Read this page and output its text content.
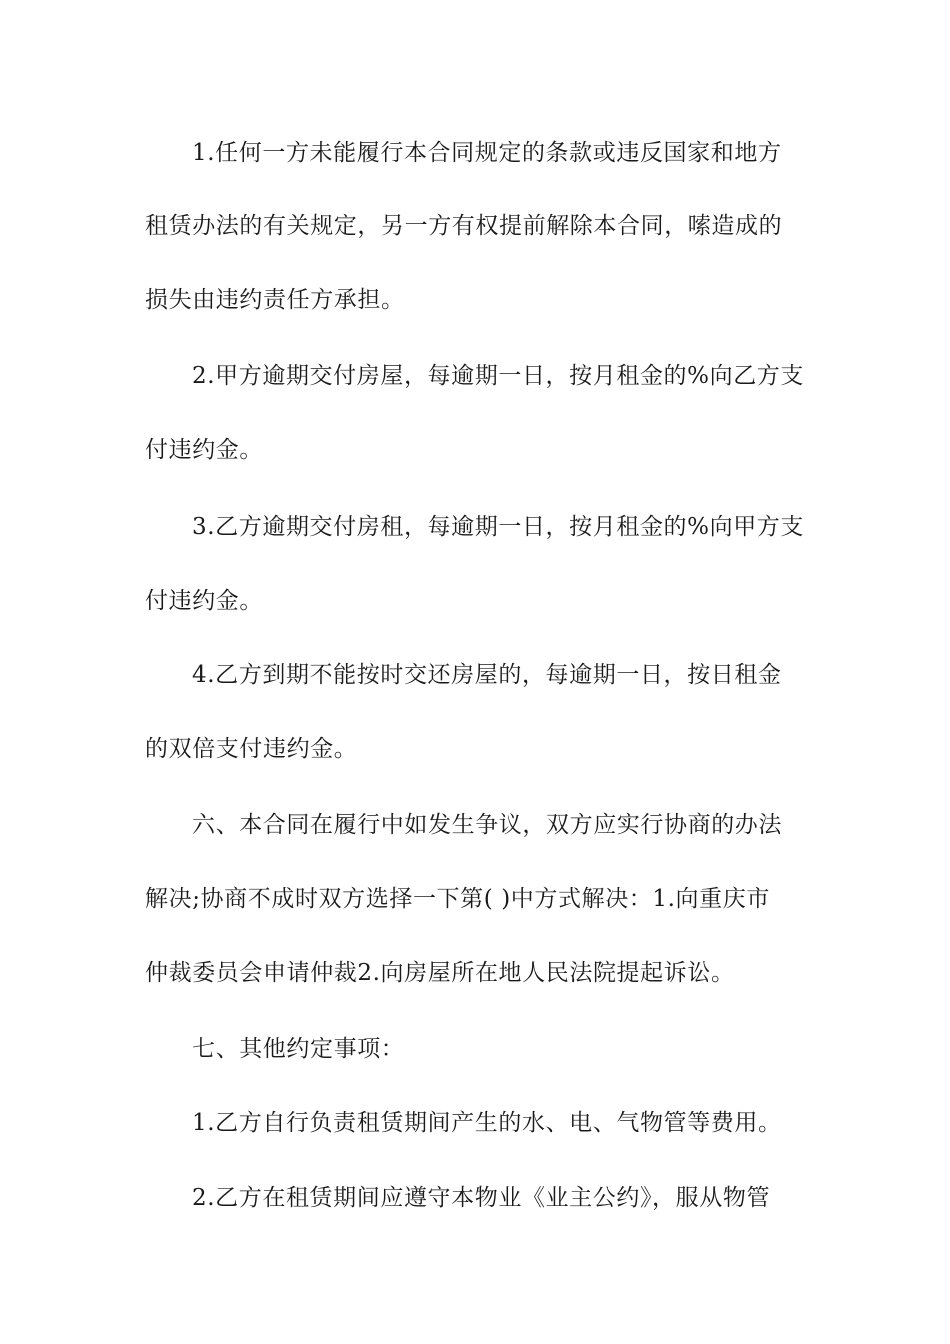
1.任何一方未能履行本合同规定的条款或违反国家和地方
租赁办法的有关规定，另一方有权提前解除本合同，嗦造成的
损失由违约责任方承担。
2.甲方逾期交付房屋，每逾期一日，按月租金的%向乙方支
付违约金。
3.乙方逾期交付房租，每逾期一日，按月租金的%向甲方支
付违约金。
4.乙方到期不能按时交还房屋的，每逾期一日，按日租金
的双倍支付违约金。
六、本合同在履行中如发生争议，双方应实行协商的办法
解决;协商不成时双方选择一下第( )中方式解决：1.向重庆市
仲裁委员会申请仲裁2.向房屋所在地人民法院提起诉讼。
七、其他约定事项：
1.乙方自行负责租赁期间产生的水、电、气物管等费用。
2.乙方在租赁期间应遵守本物业《业主公约》，服从物管
